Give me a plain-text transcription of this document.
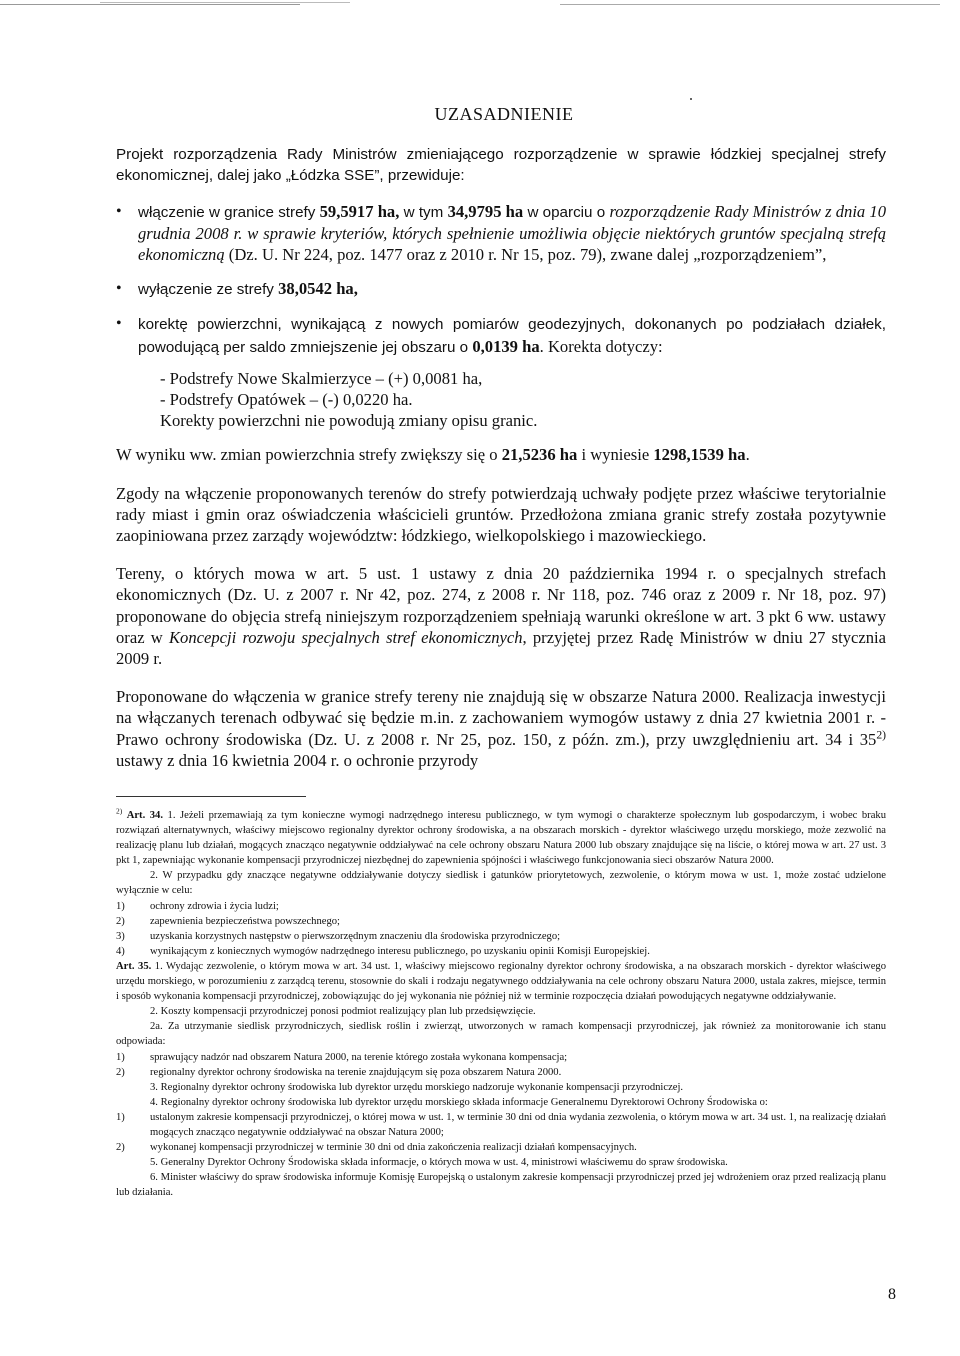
UZASADNIENIE

Projekt rozporządzenia Rady Ministrów zmieniającego rozporządzenie w sprawie łódzkiej specjalnej strefy ekonomicznej, dalej jako „Łódzka SSE”, przewiduje:

• włączenie w granice strefy 59,5917 ha, w tym 34,9795 ha w oparciu o rozporządzenie Rady Ministrów z dnia 10 grudnia 2008 r. w sprawie kryteriów, których spełnienie umożliwia objęcie niektórych gruntów specjalną strefą ekonomiczną (Dz. U. Nr 224, poz. 1477 oraz z 2010 r. Nr 15, poz. 79), zwane dalej „rozporządzeniem”,
• wyłączenie ze strefy 38,0542 ha,
• korektę powierzchni, wynikającą z nowych pomiarów geodezyjnych, dokonanych po podziałach działek, powodującą per saldo zmniejszenie jej obszaru o 0,0139 ha. Korekta dotyczy:
- Podstrefy Nowe Skalmierzyce – (+) 0,0081 ha,
- Podstrefy Opatówek – (-) 0,0220 ha.
Korekty powierzchni nie powodują zmiany opisu granic.

W wyniku ww. zmian powierzchnia strefy zwiększy się o 21,5236 ha i wyniesie 1298,1539 ha.

Zgody na włączenie proponowanych terenów do strefy potwierdzają uchwały podjęte przez właściwe terytorialnie rady miast i gmin oraz oświadczenia właścicieli gruntów. Przedłożona zmiana granic strefy została pozytywnie zaopiniowana przez zarządy województw: łódzkiego, wielkopolskiego i mazowieckiego.

Tereny, o których mowa w art. 5 ust. 1 ustawy z dnia 20 października 1994 r. o specjalnych strefach ekonomicznych (Dz. U. z 2007 r. Nr 42, poz. 274, z 2008 r. Nr 118, poz. 746 oraz z 2009 r. Nr 18, poz. 97) proponowane do objęcia strefą niniejszym rozporządzeniem spełniają warunki określone w art. 3 pkt 6 ww. ustawy oraz w Koncepcji rozwoju specjalnych stref ekonomicznych, przyjętej przez Radę Ministrów w dniu 27 stycznia 2009 r.

Proponowane do włączenia w granice strefy tereny nie znajdują się w obszarze Natura 2000. Realizacja inwestycji na włączanych terenach odbywać się będzie m.in. z zachowaniem wymogów ustawy z dnia 27 kwietnia 2001 r. - Prawo ochrony środowiska (Dz. U. z 2008 r. Nr 25, poz. 150, z późn. zm.), przy uwzględnieniu art. 34 i 35$^{2)}$ ustawy z dnia 16 kwietnia 2004 r. o ochronie przyrody

$^{2)}$ Art. 34. 1. Jeżeli przemawiają za tym konieczne wymogi nadrzędnego interesu publicznego, w tym wymogi o charakterze społecznym lub gospodarczym, i wobec braku rozwiązań alternatywnych, właściwy miejscowo regionalny dyrektor ochrony środowiska, a na obszarach morskich - dyrektor właściwego urzędu morskiego, może zezwolić na realizację planu lub działań, mogących znacząco negatywnie oddziaływać na cele ochrony obszaru Natura 2000 lub obszary znajdujące się na liście, o której mowa w art. 27 ust. 3 pkt 1, zapewniając wykonanie kompensacji przyrodniczej niezbędnej do zapewnienia spójności i właściwego funkcjonowania sieci obszarów Natura 2000.

2. W przypadku gdy znaczące negatywne oddziaływanie dotyczy siedlisk i gatunków priorytetowych, zezwolenie, o którym mowa w ust. 1, może zostać udzielone wyłącznie w celu:

1) ochrony zdrowia i życia ludzi;
2) zapewnienia bezpieczeństwa powszechnego;
3) uzyskania korzystnych następstw o pierwszorzędnym znaczeniu dla środowiska przyrodniczego;
4) wynikającym z koniecznych wymogów nadrzędnego interesu publicznego, po uzyskaniu opinii Komisji Europejskiej.

Art. 35. 1. Wydając zezwolenie, o którym mowa w art. 34 ust. 1, właściwy miejscowo regionalny dyrektor ochrony środowiska, a na obszarach morskich - dyrektor właściwego urzędu morskiego, w porozumieniu z zarządcą terenu, stosownie do skali i rodzaju negatywnego oddziaływania na cele ochrony obszaru Natura 2000, ustala zakres, miejsce, termin i sposób wykonania kompensacji przyrodniczej, zobowiązując do jej wykonania nie później niż w terminie rozpoczęcia działań powodujących negatywne oddziaływanie.

2. Koszty kompensacji przyrodniczej ponosi podmiot realizujący plan lub przedsięwzięcie.

2a. Za utrzymanie siedlisk przyrodniczych, siedlisk roślin i zwierząt, utworzonych w ramach kompensacji przyrodniczej, jak również za monitorowanie ich stanu odpowiada:

1) sprawujący nadzór nad obszarem Natura 2000, na terenie którego została wykonana kompensacja;
2) regionalny dyrektor ochrony środowiska na terenie znajdującym się poza obszarem Natura 2000.

3. Regionalny dyrektor ochrony środowiska lub dyrektor urzędu morskiego nadzoruje wykonanie kompensacji przyrodniczej.

4. Regionalny dyrektor ochrony środowiska lub dyrektor urzędu morskiego składa informacje Generalnemu Dyrektorowi Ochrony Środowiska o:

1) ustalonym zakresie kompensacji przyrodniczej, o której mowa w ust. 1, w terminie 30 dni od dnia wydania zezwolenia, o którym mowa w art. 34 ust. 1, na realizację działań mogących znacząco negatywnie oddziaływać na obszar Natura 2000;
2) wykonanej kompensacji przyrodniczej w terminie 30 dni od dnia zakończenia realizacji działań kompensacyjnych.

5. Generalny Dyrektor Ochrony Środowiska składa informacje, o których mowa w ust. 4, ministrowi właściwemu do spraw środowiska.

6. Minister właściwy do spraw środowiska informuje Komisję Europejską o ustalonym zakresie kompensacji przyrodniczej przed jej wdrożeniem oraz przed realizacją planu lub działania.

8
